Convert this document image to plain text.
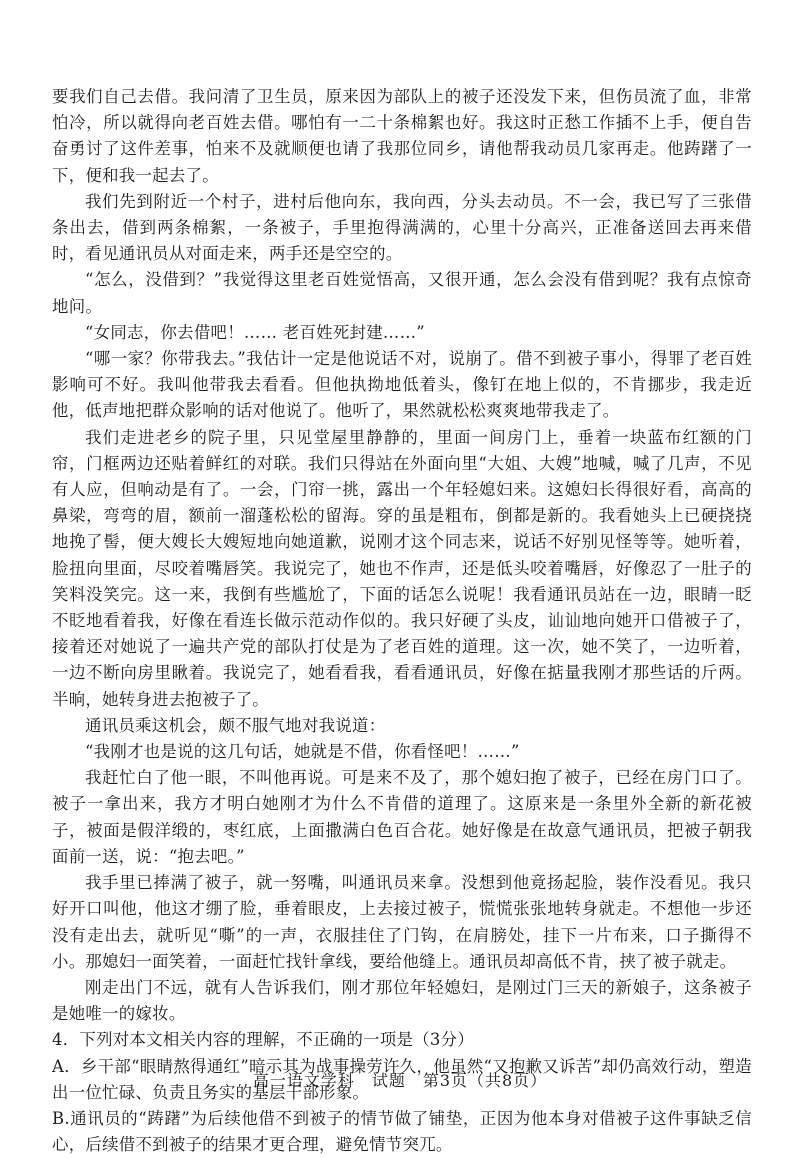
要我们自己去借。我问清了卫生员，原来因为部队上的被子还没发下来，但伤员流了血，非常怕冷，所以就得向老百姓去借。哪怕有一二十条棉絮也好。我这时正愁工作插不上手，便自告奋勇讨了这件差事，怕来不及就顺便也请了我那位同乡，请他帮我动员几家再走。他踌躇了一下，便和我一起去了。

我们先到附近一个村子，进村后他向东，我向西，分头去动员。不一会，我已写了三张借条出去，借到两条棉絮，一条被子，手里抱得满满的，心里十分高兴，正准备送回去再来借时，看见通讯员从对面走来，两手还是空空的。

“怎么，没借到？”我觉得这里老百姓觉悟高，又很开通，怎么会没有借到呢？我有点惊奇地问。

“女同志，你去借吧！…… 老百姓死封建……”

“哪一家？你带我去。”我估计一定是他说话不对，说崩了。借不到被子事小，得罪了老百姓影响可不好。我叫他带我去看看。但他执拗地低着头，像钉在地上似的，不肯挪步，我走近他，低声地把群众影响的话对他说了。他听了，果然就松松爽爽地带我走了。

我们走进老乡的院子里，只见堂屋里静静的，里面一间房门上，垂着一块蓝布红额的门帘，门框两边还贴着鲜红的对联。我们只得站在外面向里“大姐、大嫂”地喊，喊了几声，不见有人应，但响动是有了。一会，门帘一挑，露出一个年轻媳妇来。这媳妇长得很好看，高高的鼻梁，弯弯的眉，额前一溜蓬松松的留海。穿的虽是粗布，倒都是新的。我看她头上已硬挠挠地挽了髻，便大嫂长大嫂短地向她道歉，说刚才这个同志来，说话不好别见怪等等。她听着，脸扭向里面，尽咬着嘴唇笑。我说完了，她也不作声，还是低头咬着嘴唇，好像忍了一肚子的笑料没笑完。这一来，我倒有些尴尬了，下面的话怎么说呢！我看通讯员站在一边，眼睛一眨不眨地看着我，好像在看连长做示范动作似的。我只好硬了头皮，讪讪地向她开口借被子了，接着还对她说了一遍共产党的部队打仗是为了老百姓的道理。这一次，她不笑了，一边听着，一边不断向房里瞅着。我说完了，她看看我，看看通讯员，好像在掂量我刚才那些话的斤两。半晌，她转身进去抱被子了。

通讯员乘这机会，颇不服气地对我说道：

“我刚才也是说的这几句话，她就是不借，你看怪吧！……”

我赶忙白了他一眼，不叫他再说。可是来不及了，那个媳妇抱了被子，已经在房门口了。被子一拿出来，我方才明白她刚才为什么不肯借的道理了。这原来是一条里外全新的新花被子，被面是假洋缎的，枣红底，上面撒满白色百合花。她好像是在故意气通讯员，把被子朝我面前一送，说：“抱去吧。”

我手里已捧满了被子，就一努嘴，叫通讯员来拿。没想到他竟扬起脸，装作没看见。我只好开口叫他，他这才绷了脸，垂着眼皮，上去接过被子，慌慌张张地转身就走。不想他一步还没有走出去，就听见“嘶”的一声，衣服挂住了门钩，在肩膀处，挂下一片布来，口子撕得不小。那媳妇一面笑着，一面赶忙找针拿线，要给他缝上。通讯员却高低不肯，挟了被子就走。

刚走出门不远，就有人告诉我们，刚才那位年轻媳妇，是刚过门三天的新娘子，这条被子是她唯一的嫁妆。

4．下列对本文相关内容的理解，不正确的一项是（3分）

A．乡干部“眼睛熬得通红”暗示其为战事操劳许久，他虽然“又抱歉又诉苦”却仍高效行动，塑造出一位忙碌、负责且务实的基层干部形象。

B.通讯员的“踌躇”为后续他借不到被子的情节做了铺垫，正因为他本身对借被子这件事缺乏信心，后续借不到被子的结果才更合理，避免情节突兀。

高一语文学科　试题　第3页（共8页）
